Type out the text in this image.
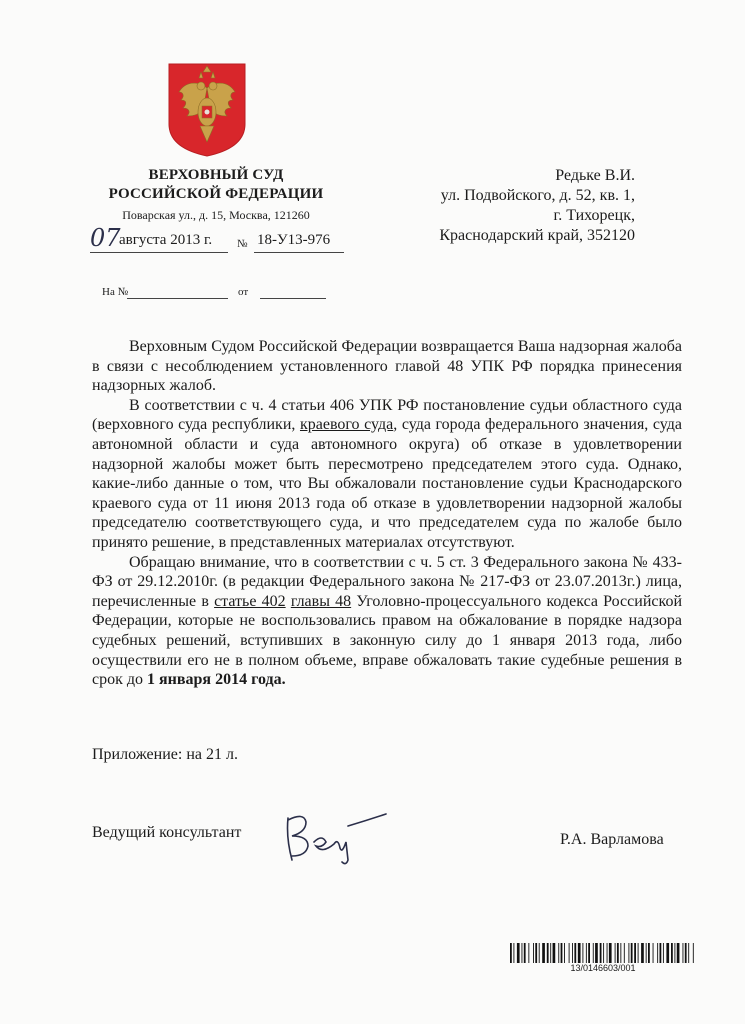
ВЕРХОВНЫЙ СУД
РОССИЙСКОЙ ФЕДЕРАЦИИ
Поварская ул., д. 15, Москва, 121260
07
августа 2013 г. № 18-У13-976
На №	от
Редьке В.И.
ул. Подвойского, д. 52, кв. 1,
г. Тихорецк,
Краснодарский край, 352120

Верховным Судом Российской Федерации возвращается Ваша надзорная жалоба в связи с несоблюдением установленного главой 48 УПК РФ порядка принесения надзорных жалоб.

В соответствии с ч. 4 статьи 406 УПК РФ постановление судьи областного суда (верховного суда республики, краевого суда, суда города федерального значения, суда автономной области и суда автономного округа) об отказе в удовлетворении надзорной жалобы может быть пересмотрено председателем этого суда. Однако, какие-либо данные о том, что Вы обжаловали постановление судьи Краснодарского краевого суда от 11 июня 2013 года об отказе в удовлетворении надзорной жалобы председателю соответствующего суда, и что председателем суда по жалобе было принято решение, в представленных материалах отсутствуют.

Обращаю внимание, что в соответствии с ч. 5 ст. 3 Федерального закона № 433-ФЗ от 29.12.2010г. (в редакции Федерального закона № 217-ФЗ от 23.07.2013г.) лица, перечисленные в статье 402 главы 48 Уголовно-процессуального кодекса Российской Федерации, которые не воспользовались правом на обжалование в порядке надзора судебных решений, вступивших в законную силу до 1 января 2013 года, либо осуществили его не в полном объеме, вправе обжаловать такие судебные решения в срок до 1 января 2014 года.

Приложение: на 21 л.
Ведущий консультант	Р.А. Варламова
13/0146603/001
